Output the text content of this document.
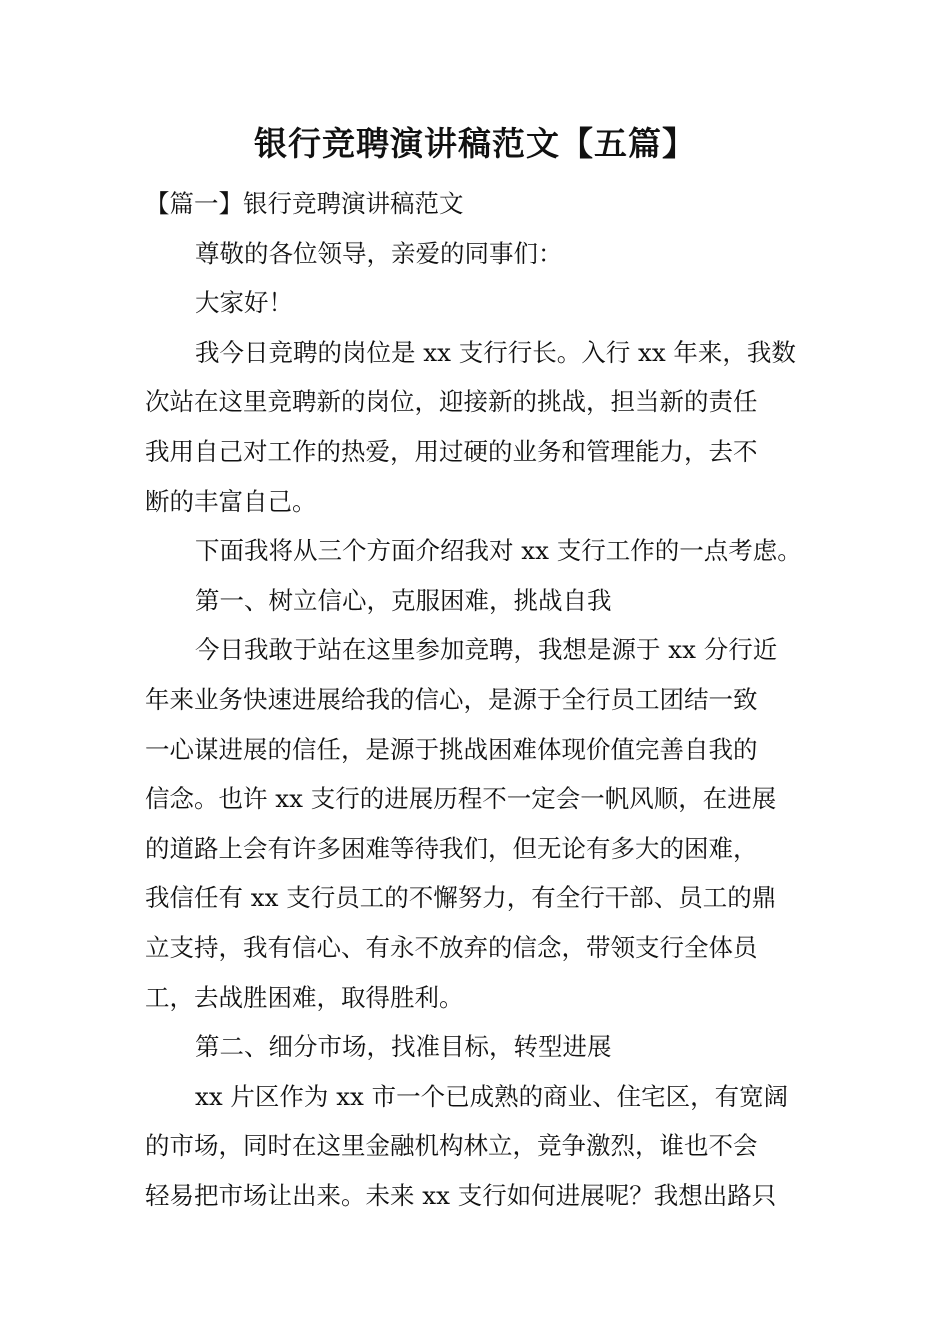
银行竞聘演讲稿范文【五篇】
【篇一】银行竞聘演讲稿范文
尊敬的各位领导，亲爱的同事们：
大家好！
我今日竞聘的岗位是 xx 支行行长。入行 xx 年来，我数
次站在这里竞聘新的岗位，迎接新的挑战，担当新的责任
我用自己对工作的热爱，用过硬的业务和管理能力，去不
断的丰富自己。
下面我将从三个方面介绍我对 xx 支行工作的一点考虑。
第一、树立信心，克服困难，挑战自我
今日我敢于站在这里参加竞聘，我想是源于 xx 分行近
年来业务快速进展给我的信心，是源于全行员工团结一致
一心谋进展的信任，是源于挑战困难体现价值完善自我的
信念。也许 xx 支行的进展历程不一定会一帆风顺，在进展
的道路上会有许多困难等待我们，但无论有多大的困难，
我信任有 xx 支行员工的不懈努力，有全行干部、员工的鼎
立支持，我有信心、有永不放弃的信念，带领支行全体员
工，去战胜困难，取得胜利。
第二、细分市场，找准目标，转型进展
xx 片区作为 xx 市一个已成熟的商业、住宅区，有宽阔
的市场，同时在这里金融机构林立，竞争激烈，谁也不会
轻易把市场让出来。未来 xx 支行如何进展呢？我想出路只
